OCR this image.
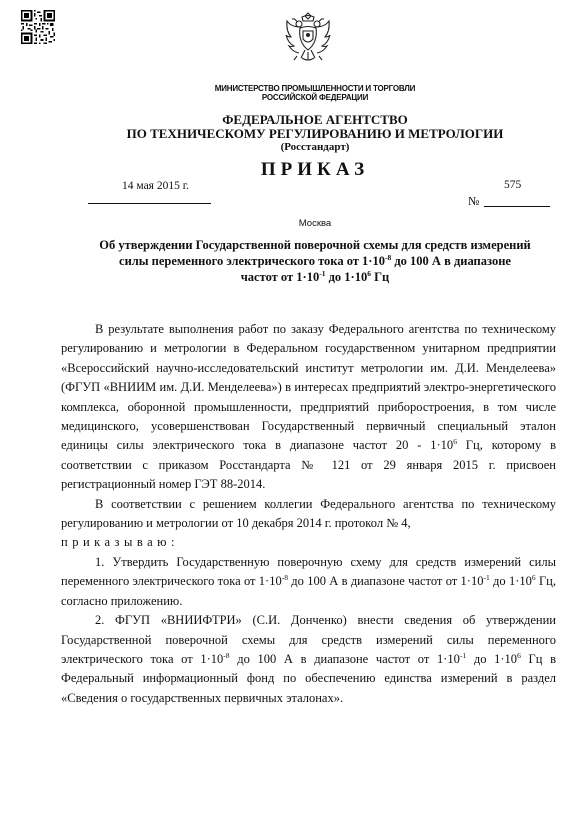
МИНИСТЕРСТВО ПРОМЫШЛЕННОСТИ И ТОРГОВЛИ
РОССИЙСКОЙ ФЕДЕРАЦИИ
ФЕДЕРАЛЬНОЕ АГЕНТСТВО
ПО ТЕХНИЧЕСКОМУ РЕГУЛИРОВАНИЮ И МЕТРОЛОГИИ
(Росстандарт)
ПРИКАЗ
14 мая 2015 г.	575
№
Москва
Об утверждении Государственной поверочной схемы для средств измерений
силы переменного электрического тока от $1\cdot 10^{-8}$ до 100 А в диапазоне
частот от $1\cdot 10^{-1}$ до $1\cdot 10^6$ Гц

В результате выполнения работ по заказу Федерального агентства по техническому регулированию и метрологии в Федеральном государственном унитарном предприятии «Всероссийский научно-исследовательский институт метрологии им. Д.И. Менделеева» (ФГУП «ВНИИМ им. Д.И. Менделеева») в интересах предприятий электро-энергетического комплекса, оборонной промышленности, предприятий приборостроения, в том числе медицинского, усовершенствован Государственный первичный специальный эталон единицы силы электрического тока в диапазоне частот $20 - 1\cdot 10^6$ Гц, которому в соответствии с приказом Росстандарта № 121 от 29 января 2015 г. присвоен регистрационный номер ГЭТ 88-2014.

В соответствии с решением коллегии Федерального агентства по техническому регулированию и метрологии от 10 декабря 2014 г. протокол № 4,

приказываю:

1. Утвердить Государственную поверочную схему для средств измерений силы переменного электрического тока от $1\cdot 10^{-8}$ до 100 А в диапазоне частот от $1\cdot 10^{-1}$ до $1\cdot 10^6$ Гц, согласно приложению.

2. ФГУП «ВНИИФТРИ» (С.И. Донченко) внести сведения об утверждении Государственной поверочной схемы для средств измерений силы переменного электрического тока от $1\cdot 10^{-8}$ до 100 А в диапазоне частот от $1\cdot 10^{-1}$ до $1\cdot 10^6$ Гц в Федеральный информационный фонд по обеспечению единства измерений в раздел «Сведения о государственных первичных эталонах».
